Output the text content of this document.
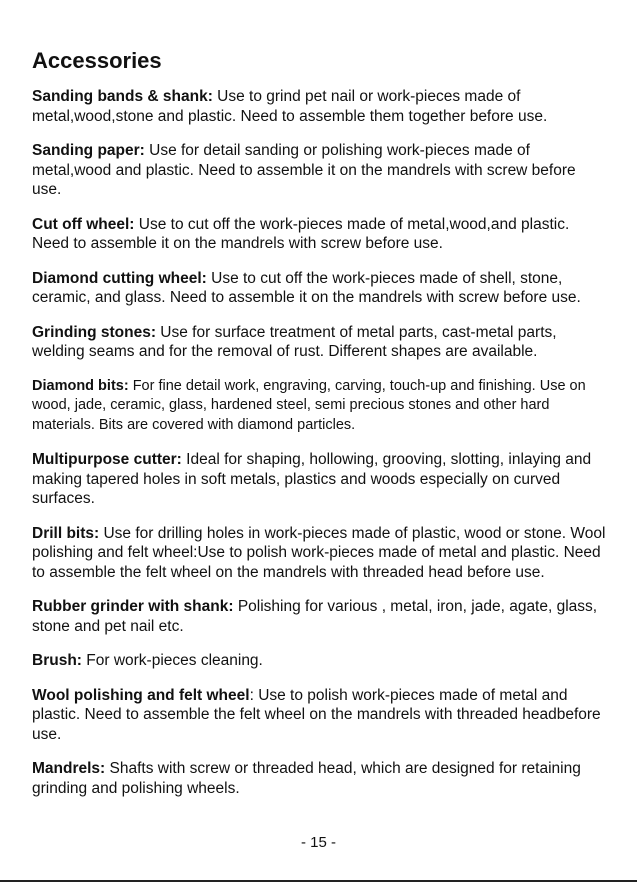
Accessories

Sanding bands & shank: Use to grind pet nail or work-pieces made of metal,wood,stone and plastic. Need to assemble them together before use.

Sanding paper: Use for detail sanding or polishing work-pieces made of metal,wood and plastic. Need to assemble it on the mandrels with screw before use.

Cut off wheel: Use to cut off the work-pieces made of metal,wood,and plastic. Need to assemble it on the mandrels with screw before use.

Diamond cutting wheel: Use to cut off the work-pieces made of shell, stone, ceramic, and glass. Need to assemble it on the mandrels with screw before use.

Grinding stones: Use for surface treatment of metal parts, cast-metal parts, welding seams and for the removal of rust. Different shapes are available.

Diamond bits: For fine detail work, engraving, carving, touch-up and finishing. Use on wood, jade, ceramic, glass, hardened steel, semi precious stones and other hard materials. Bits are covered with diamond particles.

Multipurpose cutter: Ideal for shaping, hollowing, grooving, slotting, inlaying and making tapered holes in soft metals, plastics and woods especially on curved surfaces.

Drill bits: Use for drilling holes in work-pieces made of plastic, wood or stone. Wool polishing and felt wheel:Use to polish work-pieces made of metal and plastic. Need to assemble the felt wheel on the mandrels with threaded head before use.

Rubber grinder with shank: Polishing for various , metal, iron, jade, agate, glass, stone and pet nail etc.

Brush: For work-pieces cleaning.

Wool polishing and felt wheel: Use to polish work-pieces made of metal and plastic. Need to assemble the felt wheel on the mandrels with threaded headbefore use.

Mandrels: Shafts with screw or threaded head, which are designed for retaining grinding and polishing wheels.

- 15 -
